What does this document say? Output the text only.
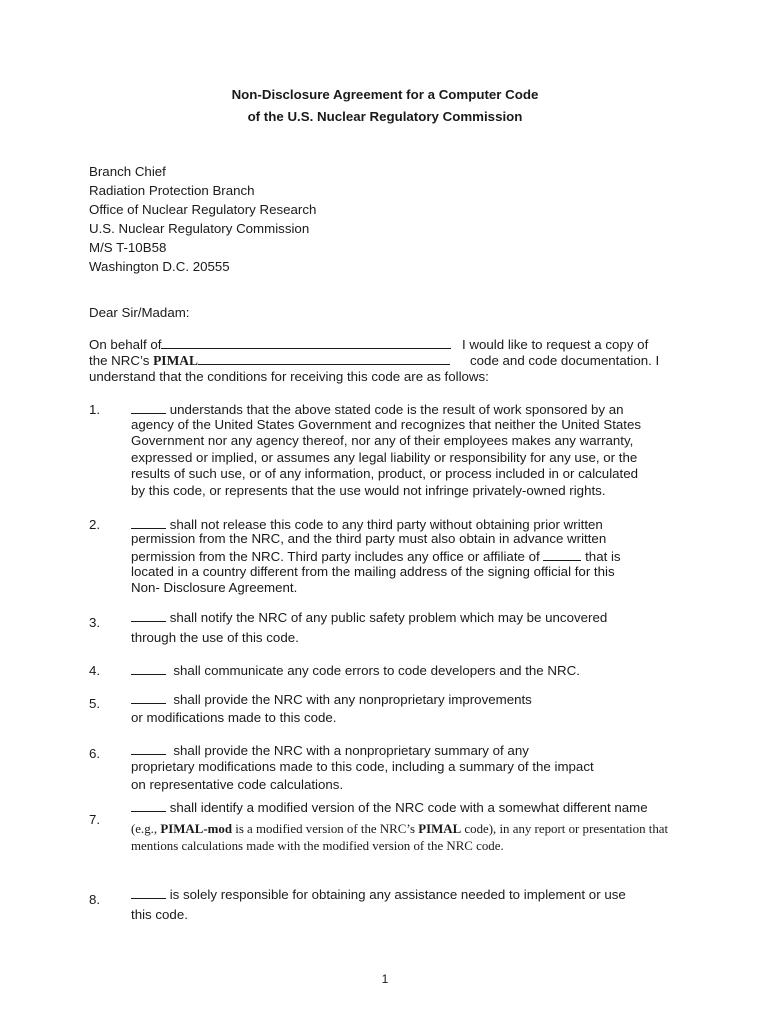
Non-Disclosure Agreement for a Computer Code
of the U.S. Nuclear Regulatory Commission
Branch Chief
Radiation Protection Branch
Office of Nuclear Regulatory Research
U.S. Nuclear Regulatory Commission
M/S T-10B58
Washington D.C. 20555
Dear Sir/Madam:
On behalf of	I would like to request a copy of
the NRC’s PIMAL	code and code documentation. I
understand that the conditions for receiving this code are as follows:
1.	understands that the above stated code is the result of work sponsored by an
agency of the United States Government and recognizes that neither the United States
Government nor any agency thereof, nor any of their employees makes any warranty,
expressed or implied, or assumes any legal liability or responsibility for any use, or the
results of such use, or of any information, product, or process included in or calculated
by this code, or represents that the use would not infringe privately-owned rights.
2.	shall not release this code to any third party without obtaining prior written
permission from the NRC, and the third party must also obtain in advance written
permission from the NRC. Third party includes any office or affiliate of	that is
located in a country different from the mailing address of the signing official for this
Non- Disclosure Agreement.
3.	shall notify the NRC of any public safety problem which may be uncovered
through the use of this code.
4.	shall communicate any code errors to code developers and the NRC.
5.	shall provide the NRC with any nonproprietary improvements
or modifications made to this code.
6.	shall provide the NRC with a nonproprietary summary of any
proprietary modifications made to this code, including a summary of the impact
on representative code calculations.
7.
shall identify a modified version of the NRC code with a somewhat different name
(e.g., PIMAL-mod is a modified version of the NRC’s PIMAL code), in any report or presentation that
mentions calculations made with the modified version of the NRC code.
8.	is solely responsible for obtaining any assistance needed to implement or use
this code.
1
